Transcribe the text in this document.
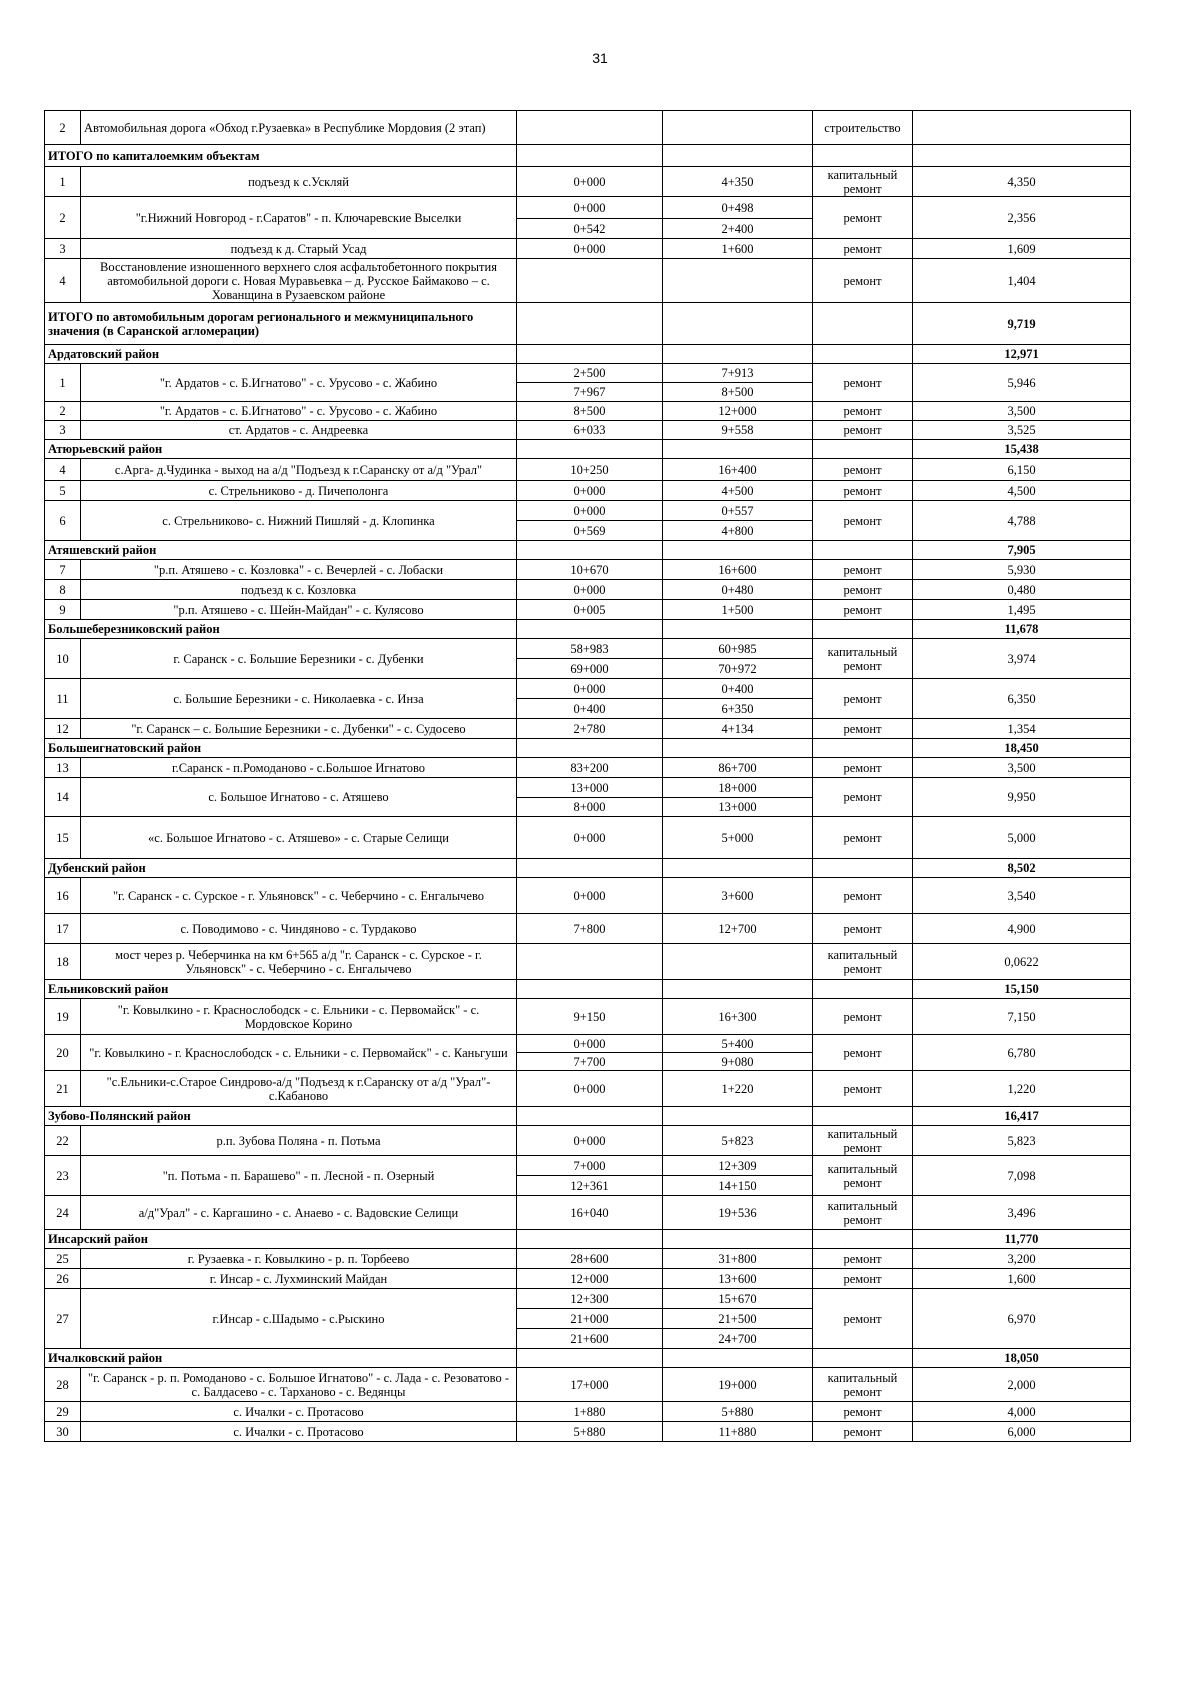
31
2	Автомобильная дорога «Обход г.Рузаевка» в Республике Мордовия (2 этап)			строительство	
ИТОГО по капиталоемким объектам					
1	подъезд к с.Ускляй	0+000	4+350	капитальный ремонт	4,350
2	"г.Нижний Новгород - г.Саратов" - п. Ключаревские Выселки	0+000	0+498	ремонт	2,356
		0+542	2+400		
3	подъезд к д. Старый Усад	0+000	1+600	ремонт	1,609
4	Восстановление изношенного верхнего слоя асфальтобетонного покрытия автомобильной дороги с. Новая Муравьевка – д. Русское Баймаково – с. Хованщина в Рузаевском районе			ремонт	1,404
ИТОГО по автомобильным дорогам регионального и межмуниципального значения (в Саранской агломерации)					9,719
Ардатовский район					12,971
1	"г. Ардатов - с. Б.Игнатово" - с. Урусово - с. Жабино	2+500	7+913	ремонт	5,946
		7+967	8+500		
2	"г. Ардатов - с. Б.Игнатово" - с. Урусово - с. Жабино	8+500	12+000	ремонт	3,500
3	ст. Ардатов - с. Андреевка	6+033	9+558	ремонт	3,525
Атюрьевский район					15,438
4	с.Арга- д.Чудинка - выход на а/д "Подъезд к г.Саранску от а/д "Урал"	10+250	16+400	ремонт	6,150
5	с. Стрельниково - д. Пичеполонга	0+000	4+500	ремонт	4,500
6	с. Стрельниково- с. Нижний Пишляй - д. Клопинка	0+000	0+557	ремонт	4,788
		0+569	4+800		
Атяшевский район					7,905
7	"р.п. Атяшево - с. Козловка" - с. Вечерлей - с. Лобаски	10+670	16+600	ремонт	5,930
8	подъезд к с. Козловка	0+000	0+480	ремонт	0,480
9	"р.п. Атяшево - с. Шейн-Майдан" - с. Кулясово	0+005	1+500	ремонт	1,495
Большеберезниковский район					11,678
10	г. Саранск - с. Большие Березники - с. Дубенки	58+983	60+985	капитальный ремонт	3,974
		69+000	70+972		
11	с. Большие Березники - с. Николаевка - с. Инза	0+000	0+400	ремонт	6,350
		0+400	6+350		
12	"г. Саранск – с. Большие Березники - с. Дубенки" - с. Судосево	2+780	4+134	ремонт	1,354
Большеигнатовский район					18,450
13	г.Саранск - п.Ромоданово - с.Большое Игнатово	83+200	86+700	ремонт	3,500
14	с. Большое Игнатово - с. Атяшево	13+000	18+000	ремонт	9,950
		8+000	13+000		
15	«с. Большое Игнатово - с. Атяшево» - с. Старые Селищи	0+000	5+000	ремонт	5,000
Дубенский район					8,502
16	"г. Саранск - с. Сурское - г. Ульяновск" - с. Чеберчино - с. Енгалычево	0+000	3+600	ремонт	3,540
17	с. Поводимово - с. Чиндяново - с. Турдаково	7+800	12+700	ремонт	4,900
18	мост через р. Чеберчинка на км 6+565 а/д "г. Саранск - с. Сурское - г. Ульяновск" - с. Чеберчино - с. Енгалычево			капитальный ремонт	0,0622
Ельниковский район					15,150
19	"г. Ковылкино - г. Краснослободск - с. Ельники - с. Первомайск" - с. Мордовское Корино	9+150	16+300	ремонт	7,150
20	"г. Ковылкино - г. Краснослободск - с. Ельники - с. Первомайск" - с. Каньгуши	0+000	5+400	ремонт	6,780
		7+700	9+080		
21	"с.Ельники-с.Старое Синдрово-а/д "Подъезд к г.Саранску от а/д "Урал"- с.Кабаново	0+000	1+220	ремонт	1,220
Зубово-Полянский район					16,417
22	р.п. Зубова Поляна - п. Потьма	0+000	5+823	капитальный ремонт	5,823
23	"п. Потьма - п. Барашево" - п. Лесной - п. Озерный	7+000	12+309	капитальный ремонт	7,098
		12+361	14+150		
24	а/д"Урал" - с. Каргашино - с. Анаево - с. Вадовские Селищи	16+040	19+536	капитальный ремонт	3,496
Инсарский район					11,770
25	г. Рузаевка - г. Ковылкино - р. п. Торбеево	28+600	31+800	ремонт	3,200
26	г. Инсар - с. Лухминский Майдан	12+000	13+600	ремонт	1,600
27	г.Инсар - с.Шадымо - с.Рыскино	12+300	15+670	ремонт	6,970
		21+000	21+500		
		21+600	24+700		
Ичалковский район					18,050
28	"г. Саранск - р. п. Ромоданово - с. Большое Игнатово" - с. Лада - с. Резоватово - с. Балдасево - с. Тарханово - с. Ведянцы	17+000	19+000	капитальный ремонт	2,000
29	с. Ичалки - с. Протасово	1+880	5+880	ремонт	4,000
30	с. Ичалки - с. Протасово	5+880	11+880	ремонт	6,000
